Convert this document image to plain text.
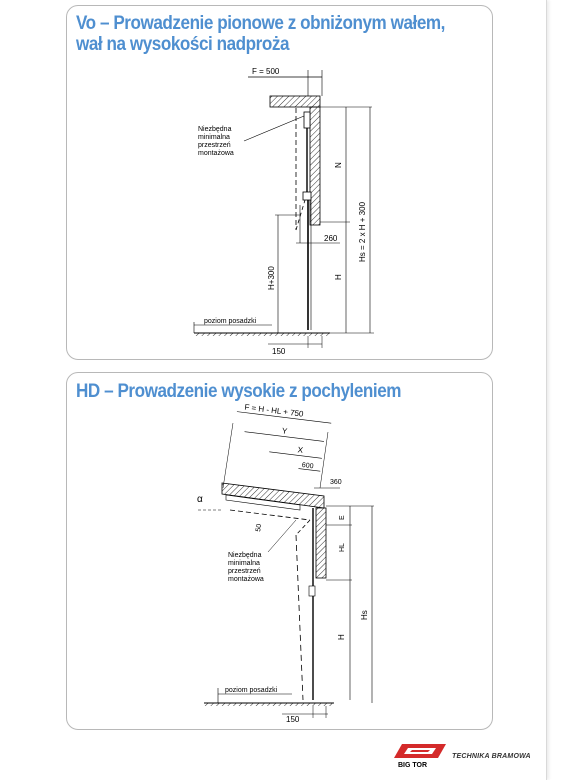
Vo – Prowadzenie pionowe z obniżonym wałem,
wał na wysokości nadproża
F = 500
Niezbędna
minimalna
przestrzeń
montażowa
N
Hs = 2 x H + 300
H
260
H+300
poziom posadzki
150
HD – Prowadzenie wysokie z pochyleniem
F = H - HL + 750
Y
X
600
360
α
50
Niezbędna
minimalna
przestrzeń
montażowa
E
HL
H
Hs
poziom posadzki
150
BIG TOR
TECHNIKA BRAMOWA
